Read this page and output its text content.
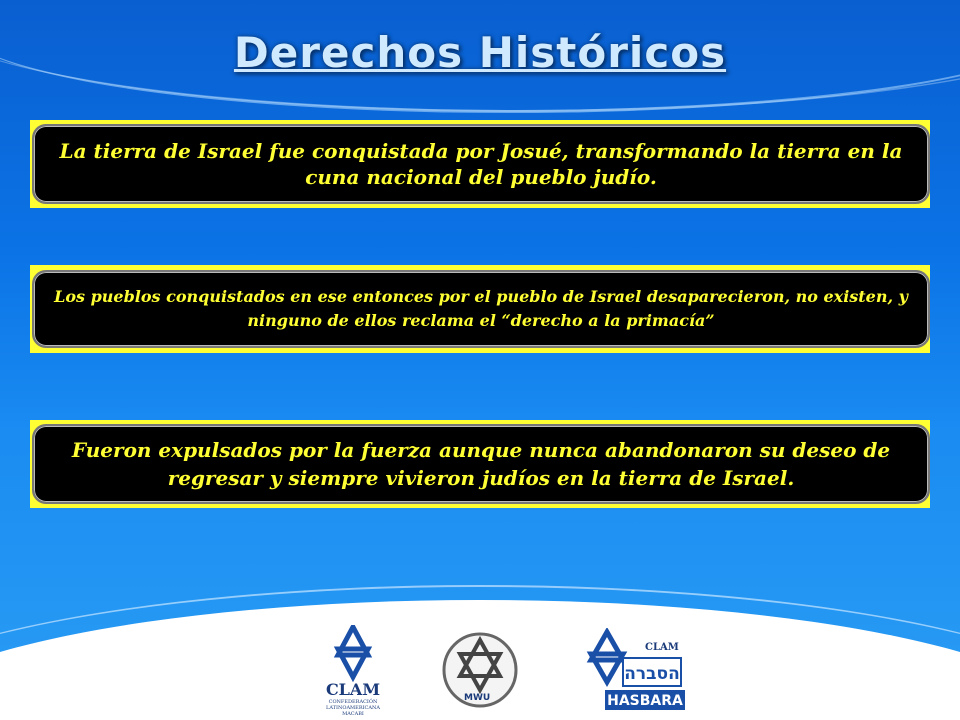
Derechos Históricos
La tierra de Israel fue conquistada por Josué, transformando la tierra en la cuna nacional del pueblo judío.
Los pueblos conquistados en ese entonces por el pueblo de Israel desaparecieron, no existen, y ninguno de ellos reclama el “derecho a la primacía”
Fueron expulsados por la fuerza aunque nunca abandonaron su deseo de regresar y siempre vivieron judíos en la tierra de Israel.
CLAM
CONFEDERACIÓN
LATINOAMERICANA
MACABI
MWU
CLAM
הסברה
HASBARA
